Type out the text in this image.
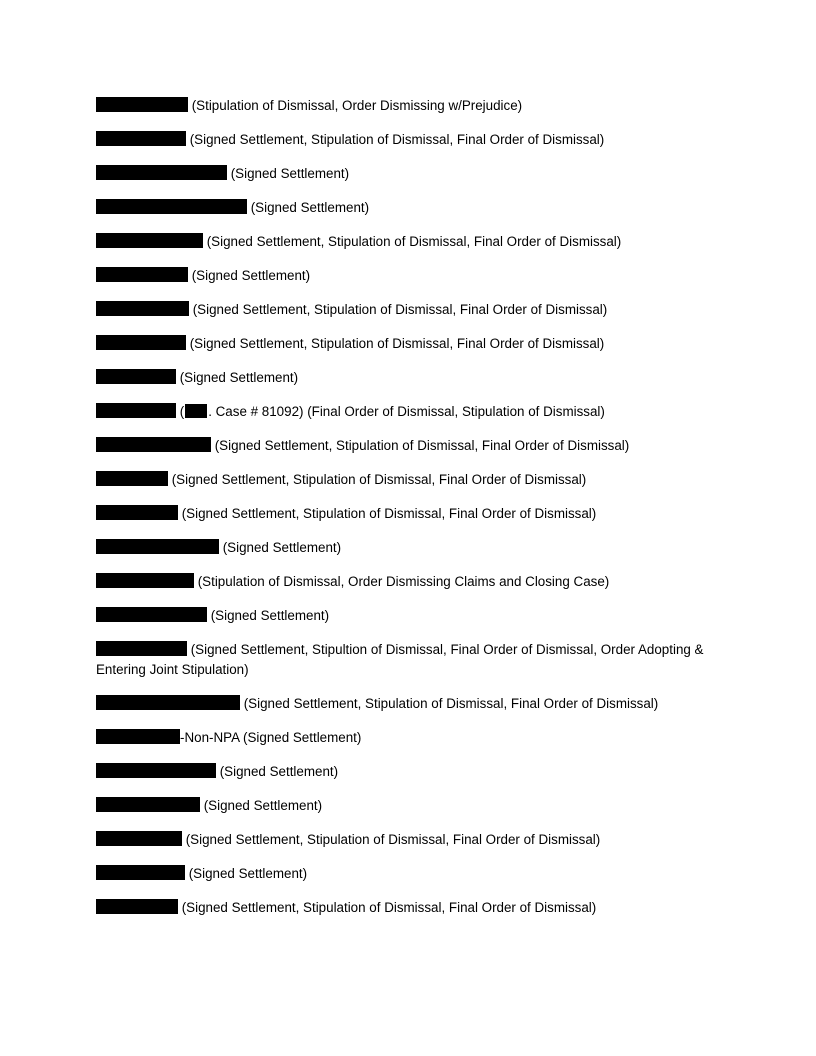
(Stipulation of Dismissal, Order Dismissing w/Prejudice)
(Signed Settlement, Stipulation of Dismissal, Final Order of Dismissal)
(Signed Settlement)
(Signed Settlement)
(Signed Settlement, Stipulation of Dismissal, Final Order of Dismissal)
(Signed Settlement)
(Signed Settlement, Stipulation of Dismissal, Final Order of Dismissal)
(Signed Settlement, Stipulation of Dismissal, Final Order of Dismissal)
(Signed Settlement)
( . Case # 81092) (Final Order of Dismissal, Stipulation of Dismissal)
(Signed Settlement, Stipulation of Dismissal, Final Order of Dismissal)
(Signed Settlement, Stipulation of Dismissal, Final Order of Dismissal)
(Signed Settlement, Stipulation of Dismissal, Final Order of Dismissal)
(Signed Settlement)
(Stipulation of Dismissal, Order Dismissing Claims and Closing Case)
(Signed Settlement)
(Signed Settlement, Stipultion of Dismissal, Final Order of Dismissal, Order Adopting & Entering Joint Stipulation)
(Signed Settlement, Stipulation of Dismissal, Final Order of Dismissal)
-Non-NPA (Signed Settlement)
(Signed Settlement)
(Signed Settlement)
(Signed Settlement, Stipulation of Dismissal, Final Order of Dismissal)
(Signed Settlement)
(Signed Settlement, Stipulation of Dismissal, Final Order of Dismissal)
